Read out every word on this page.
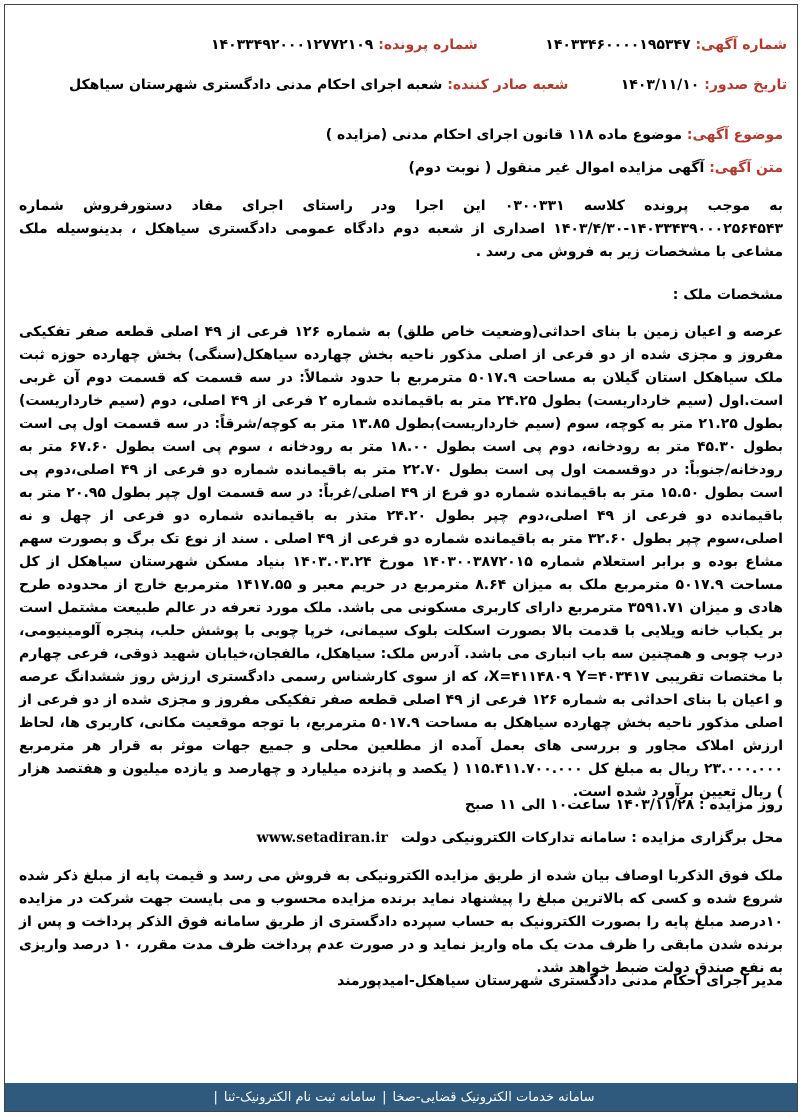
شماره آگهی: ۱۴۰۳۳۴۶۰۰۰۰۱۹۵۳۴۷
شماره پرونده: ۱۴۰۳۳۴۹۲۰۰۰۱۲۷۷۲۱۰۹
تاریخ صدور: ۱۴۰۳/۱۱/۱۰
شعبه صادر کننده: شعبه اجرای احکام مدنی دادگستری شهرستان سیاهکل
موضوع آگهی: موضوع ماده ۱۱۸ قانون اجرای احکام مدنی (مزایده )
متن آگهی: آگهی مزایده اموال غیر منقول ( نوبت دوم)
به موجب پرونده کلاسه ۰۳۰۰۳۳۱ این اجرا ودر راستای اجرای مفاد دستورفروش شماره ۱۴۰۳۳۴۳۹۰۰۰۲۵۶۴۵۴۳-۱۴۰۳/۴/۳۰ اصداری از شعبه دوم دادگاه عمومی دادگستری سیاهکل ، بدینوسیله ملک مشاعی با مشخصات زیر به فروش می رسد .
مشخصات ملک :
عرصه و اعیان زمین با بنای احداثی(وضعیت خاص طلق) به شماره ۱۲۶ فرعی از ۴۹ اصلی قطعه صفر تفکیکی مفروز و مجزی شده از دو فرعی از اصلی مذکور ناحیه بخش چهارده سیاهکل(سنگی) بخش چهارده حوزه ثبت ملک سیاهکل استان گیلان به مساحت ۵۰۱۷.۹ مترمربع با حدود شمالاً: در سه قسمت که قسمت دوم آن غربی است.اول (سیم خارداریست) بطول ۲۴.۲۵ متر به باقیمانده شماره ۲ فرعی از ۴۹ اصلی، دوم (سیم خارداریست) بطول ۲۱.۲۵ متر به کوچه، سوم (سیم خارداریست)بطول ۱۳.۸۵ متر به کوچه/شرقاً: در سه قسمت اول پی است بطول ۴۵.۳۰ متر به رودخانه، دوم پی است بطول ۱۸.۰۰ متر به رودخانه ، سوم پی است بطول ۶۷.۶۰ متر به رودخانه/جنوباً: در دوقسمت اول پی است بطول ۲۲.۷۰ متر به باقیمانده شماره دو فرعی از ۴۹ اصلی،دوم پی است بطول ۱۵.۵۰ متر به باقیمانده شماره دو فرع از ۴۹ اصلی/غرباً: در سه قسمت اول چپر بطول ۲۰.۹۵ متر به باقیمانده دو فرعی از ۴۹ اصلی،دوم چپر بطول ۲۴.۲۰ متذر به باقیمانده شماره دو فرعی از چهل و نه اصلی،سوم چپر بطول ۳۲.۶۰ متر به باقیمانده شماره دو فرعی از ۴۹ اصلی . سند از نوع تک برگ و بصورت سهم مشاع بوده و برابر استعلام شماره ۱۴۰۳۰۰۳۸۷۲۰۱۵ مورخ ۱۴۰۳.۰۳.۲۴ بنیاد مسکن شهرستان سیاهکل از کل مساحت ۵۰۱۷.۹ مترمربع ملک به میزان ۸.۶۴ مترمربع در حریم معبر و ۱۴۱۷.۵۵ مترمربع خارج از محدوده طرح هادی و میزان ۳۵۹۱.۷۱ مترمربع دارای کاربری مسکونی می باشد. ملک مورد تعرفه در عالم طبیعت مشتمل است بر یکباب خانه ویلایی با قدمت بالا بصورت اسکلت بلوک سیمانی، خرپا چوبی با پوشش حلب، پنجره آلومینیومی، درب چوبی و همچنین سه باب انباری می باشد. آدرس ملک: سیاهکل، مالفجان،خیابان شهید ذوقی، فرعی چهارم با مختصات تقریبی X=۴۱۱۴۸۰۹ Y=۴۰۳۴۱۷، که از سوی کارشناس رسمی دادگستری ارزش روز ششدانگ عرصه و اعیان با بنای احداثی به شماره ۱۲۶ فرعی از ۴۹ اصلی قطعه صفر تفکیکی مفروز و مجزی شده از دو فرعی از اصلی مذکور ناحیه بخش چهارده سیاهکل به مساحت ۵۰۱۷.۹ مترمربع، با توجه موقعیت مکانی، کاربری ها، لحاظ ارزش املاک مجاور و بررسی های بعمل آمده از مطلعین محلی و جمیع جهات موثر به قرار هر مترمربع ۲۳.۰۰۰.۰۰۰ ریال به مبلغ کل ۱۱۵.۴۱۱.۷۰۰.۰۰۰ ( یکصد و پانزده میلیارد و چهارصد و یازده میلیون و هفتصد هزار ) ریال تعیین برآورد شده است.
روز مزایده : ۱۴۰۳/۱۱/۲۸ ساعت۱۰ الی ۱۱ صبح
محل برگزاری مزایده : سامانه تدارکات الکترونیکی دولت www.setadiran.ir
ملک فوق الذکربا اوصاف بیان شده از طریق مزایده الکترونیکی به فروش می رسد و قیمت پایه از مبلغ ذکر شده شروع شده و کسی که بالاترین مبلغ را پیشنهاد نماید برنده مزایده محسوب و می بایست جهت شرکت در مزایده ۱۰درصد مبلغ پایه را بصورت الکترونیک به حساب سپرده دادگستری از طریق سامانه فوق الذکر پرداخت و پس از برنده شدن مابقی را ظرف مدت یک ماه واریز نماید و در صورت عدم پرداخت ظرف مدت مقرر، ۱۰ درصد واریزی به نفع صندق دولت ضبط خواهد شد.
مدیر اجرای احکام مدنی دادگستری شهرستان سیاهکل-امیدپورمند
سامانه خدمات الکترونیک قضایی-صخا
|
سامانه ثبت نام الکترونیک-ثنا
|
